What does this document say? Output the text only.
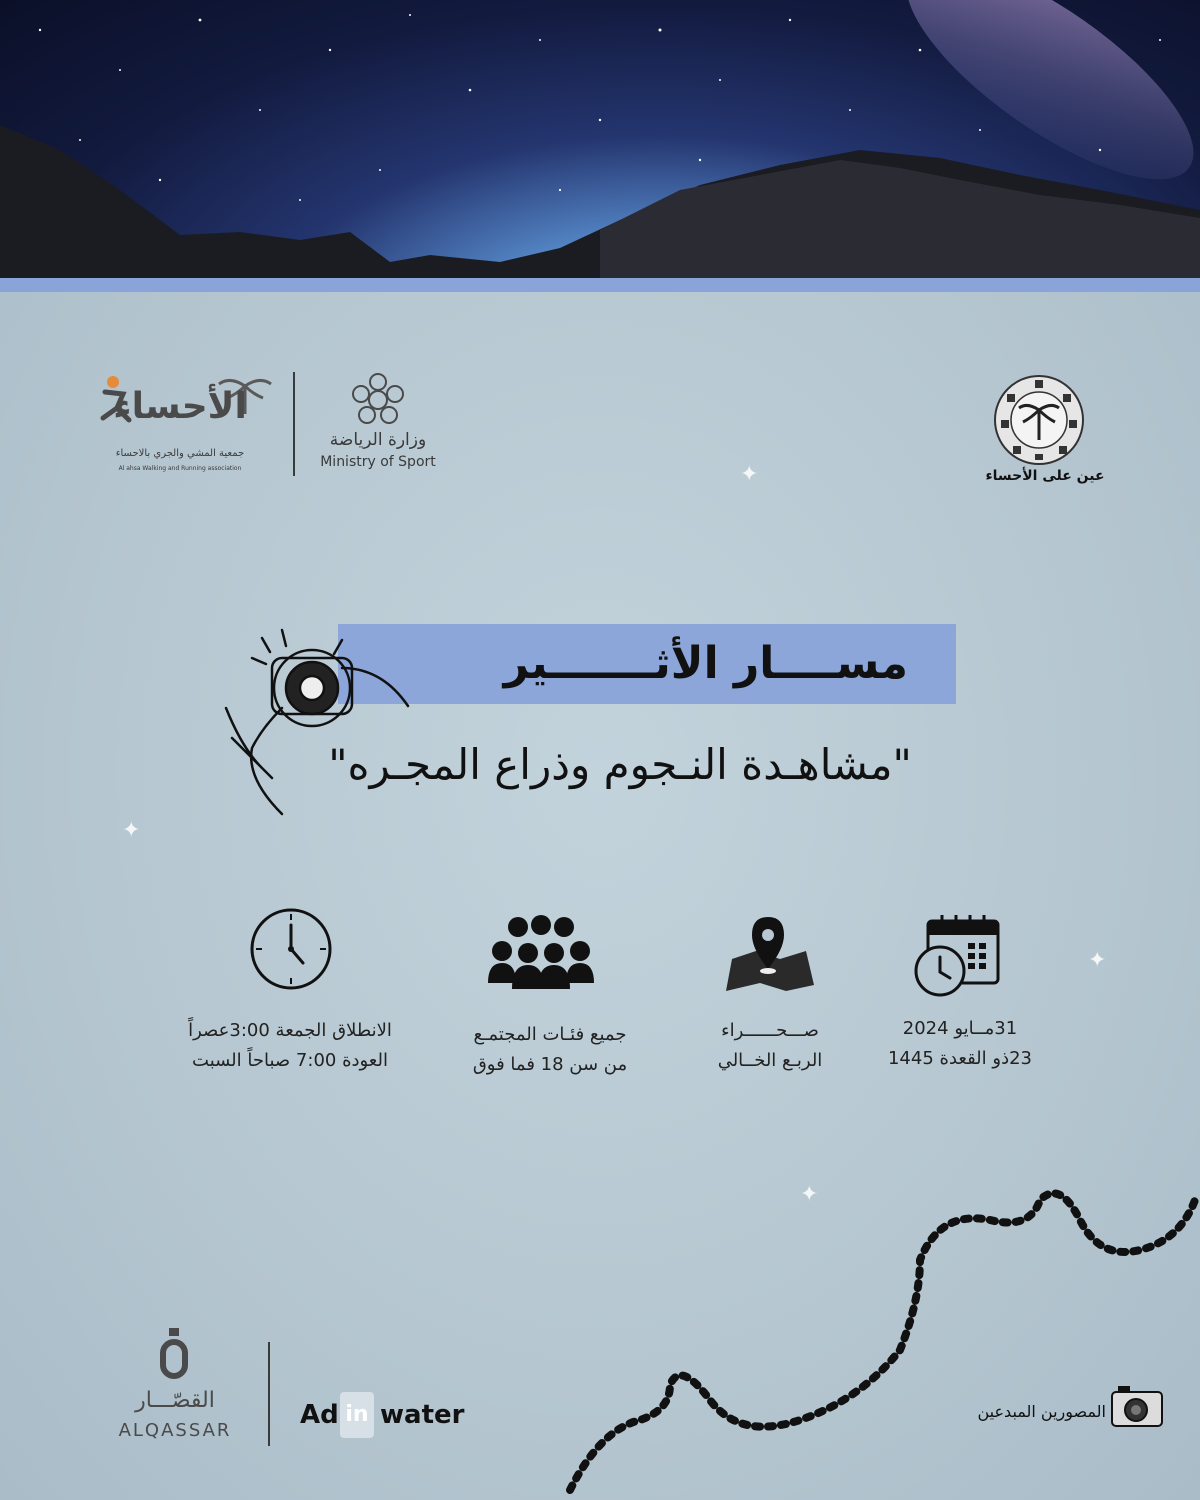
✦
✦
✦
✦
الأحساء
جمعية المشي والجري بالاحساء
Al ahsa Walking and Running association
وزارة الرياضة
Ministry of Sport
عين على الأحساء
مســــار الأثـــــــير
"مشاهـدة النـجوم وذراع المجـره"
الانطلاق الجمعة 3:00عصراً
العودة 7:00 صباحاً السبت
جميع فئـات المجتمـع
من سن 18 فما فوق
صـــحــــــراء
الربـع الخــالي
31مــايو 2024
23ذو القعدة 1445
القصّـــار
ALQASSAR
Ad in water	المصورين المبدعين
